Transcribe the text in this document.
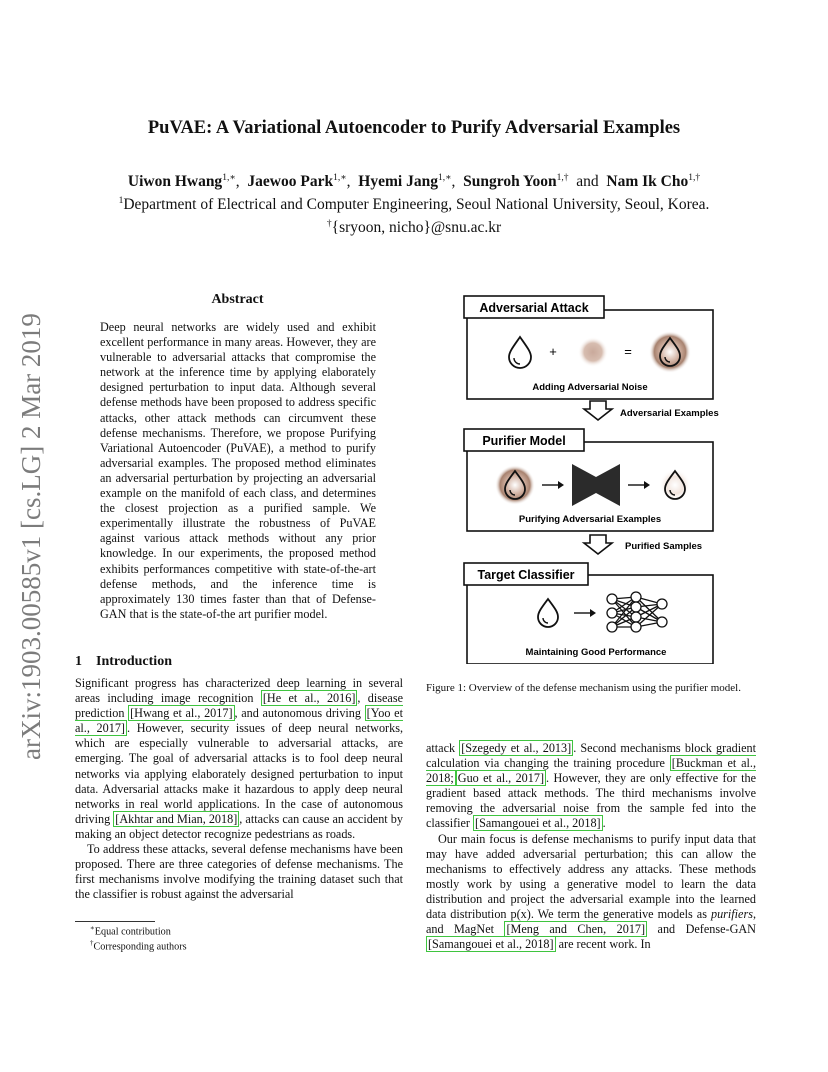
arXiv:1903.00585v1 [cs.LG] 2 Mar 2019
PuVAE: A Variational Autoencoder to Purify Adversarial Examples
Uiwon Hwang$^{1,∗}$,  Jaewoo Park$^{1,∗}$,  Hyemi Jang$^{1,∗}$,  Sungroh Yoon$^{1,\dagger}$ and Nam Ik Cho$^{1,\dagger}$
$^1$Department of Electrical and Computer Engineering, Seoul National University, Seoul, Korea.
†{sryoon, nicho}@snu.ac.kr
Abstract
Deep neural networks are widely used and exhibit excellent performance in many areas. However, they are vulnerable to adversarial attacks that compromise the network at the inference time by applying elaborately designed perturbation to input data. Although several defense methods have been proposed to address specific attacks, other attack methods can circumvent these defense mechanisms. Therefore, we propose Purifying Variational Autoencoder (PuVAE), a method to purify adversarial examples. The proposed method eliminates an adversarial perturbation by projecting an adversarial example on the manifold of each class, and determines the closest projection as a purified sample. We experimentally illustrate the robustness of PuVAE against various attack methods without any prior knowledge. In our experiments, the proposed method exhibits performances competitive with state-of-the-art defense methods, and the inference time is approximately 130 times faster than that of Defense-GAN that is the state-of-the art purifier model.
1 Introduction

Significant progress has characterized deep learning in several areas including image recognition [He et al., 2016] , disease prediction [Hwang et al., 2017] , and autonomous driving [Yoo et al., 2017] . However, security issues of deep neural networks, which are especially vulnerable to adversarial attacks, are emerging. The goal of adversarial attacks is to fool deep neural networks via applying elaborately designed perturbation to input data. Adversarial attacks make it hazardous to apply deep neural networks in real world applications. In the case of autonomous driving [Akhtar and Mian, 2018] , attacks can cause an accident by making an object detector recognize pedestrians as roads.

To address these attacks, several defense mechanisms have been proposed. There are three categories of defense mechanisms. The first mechanisms involve modifying the training dataset such that the classifier is robust against the adversarial

∗Equal contribution
†Corresponding authors
Adversarial Attack
+	=
Adding Adversarial Noise
Adversarial Examples
Purifier Model
Purifying Adversarial Examples
Purified Samples
Target Classifier
Maintaining Good Performance
Figure 1: Overview of the defense mechanism using the purifier model.

attack [Szegedy et al., 2013] . Second mechanisms block gradient calculation via changing the training procedure [Buckman et al., 2018; Guo et al., 2017] . However, they are only effective for the gradient based attack methods. The third mechanisms involve removing the adversarial noise from the sample fed into the classifier [Samangouei et al., 2018] .

Our main focus is defense mechanisms to purify input data that may have added adversarial perturbation; this can allow the mechanisms to effectively address any attacks. These methods mostly work by using a generative model to learn the data distribution and project the adversarial example into the learned data distribution p(x). We term the generative models as purifiers, and MagNet [Meng and Chen, 2017] and Defense-GAN [Samangouei et al., 2018] are recent work. In
